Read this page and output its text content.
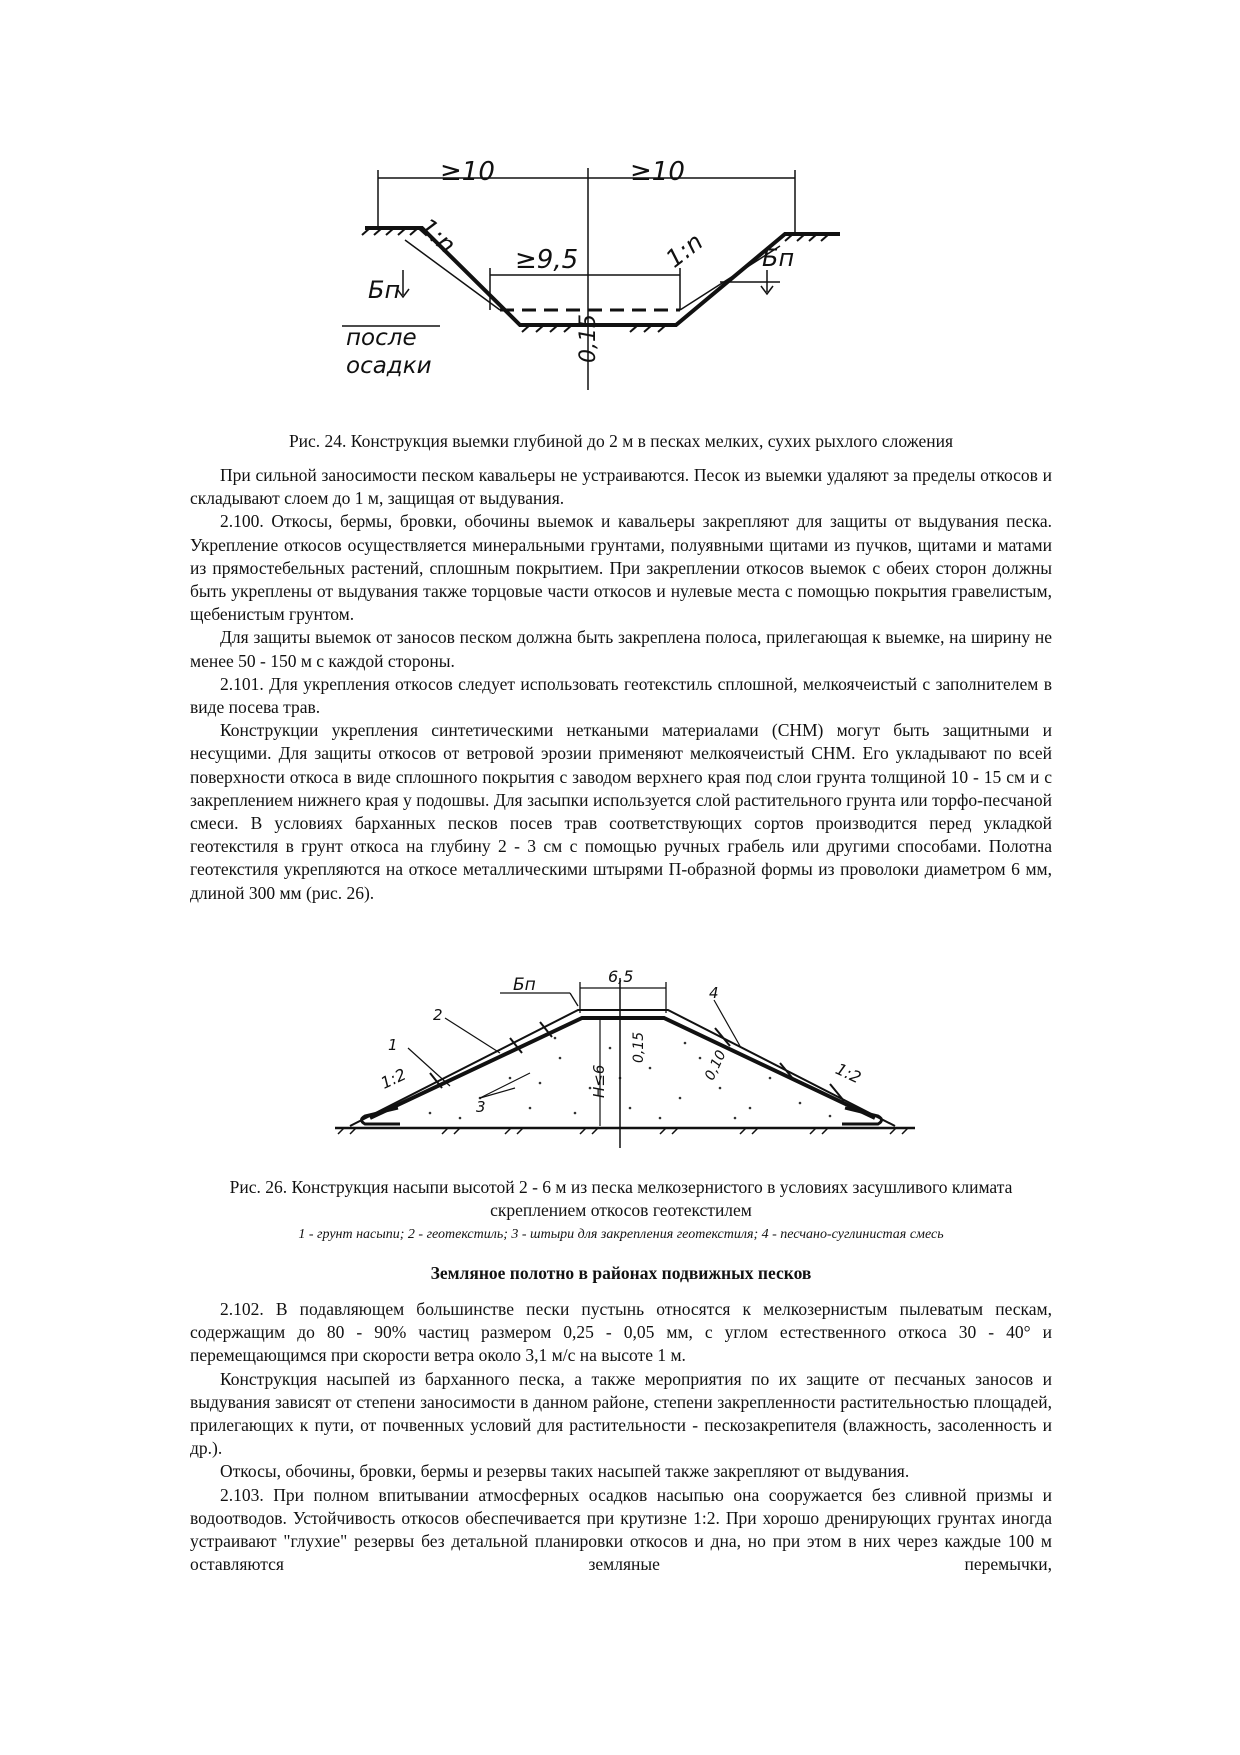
≥10	≥10
≥9,5
1:n	1:n
Бп
Бп
после
осадки
0,15
Рис. 24. Конструкция выемки глубиной до 2 м в песках мелких, сухих рыхлого сложения

При сильной заносимости песком кавальеры не устраиваются. Песок из выемки удаляют за пределы откосов и складывают слоем до 1 м, защищая от выдувания.

2.100. Откосы, бермы, бровки, обочины выемок и кавальеры закрепляют для защиты от выдувания песка. Укрепление откосов осуществляется минеральными грунтами, полуявными щитами из пучков, щитами и матами из прямостебельных растений, сплошным покрытием. При закреплении откосов выемок с обеих сторон должны быть укреплены от выдувания также торцовые части откосов и нулевые места с помощью покрытия гравелистым, щебенистым грунтом.

Для защиты выемок от заносов песком должна быть закреплена полоса, прилегающая к выемке, на ширину не менее 50 - 150 м с каждой стороны.

2.101. Для укрепления откосов следует использовать геотекстиль сплошной, мелкоячеистый с заполнителем в виде посева трав.

Конструкции укрепления синтетическими неткаными материалами (СНМ) могут быть защитными и несущими. Для защиты откосов от ветровой эрозии применяют мелкоячеистый СНМ. Его укладывают по всей поверхности откоса в виде сплошного покрытия с заводом верхнего края под слои грунта толщиной 10 - 15 см и с закреплением нижнего края у подошвы. Для засыпки используется слой растительного грунта или торфо-песчаной смеси. В условиях барханных песков посев трав соответствующих сортов производится перед укладкой геотекстиля в грунт откоса на глубину 2 - 3 см с помощью ручных грабель или другими способами. Полотна геотекстиля укрепляются на откосе металлическими штырями П-образной формы из проволоки диаметром 6 мм, длиной 300 мм (рис. 26).

Бп	6,5
1
2
3
4
1:2	1:2
0,15
0,10
H≤6
Рис. 26. Конструкция насыпи высотой 2 - 6 м из песка мелкозернистого в условиях засушливого климата скреплением откосов геотекстилем
1 - грунт насыпи; 2 - геотекстиль; 3 - штыри для закрепления геотекстиля; 4 - песчано-суглинистая смесь
Земляное полотно в районах подвижных песков

2.102. В подавляющем большинстве пески пустынь относятся к мелкозернистым пылеватым пескам, содержащим до 80 - 90% частиц размером 0,25 - 0,05 мм, с углом естественного откоса 30 - 40° и перемещающимся при скорости ветра около 3,1 м/с на высоте 1 м.

Конструкция насыпей из барханного песка, а также мероприятия по их защите от песчаных заносов и выдувания зависят от степени заносимости в данном районе, степени закрепленности растительностью площадей, прилегающих к пути, от почвенных условий для растительности - пескозакрепителя (влажность, засоленность и др.).

Откосы, обочины, бровки, бермы и резервы таких насыпей также закрепляют от выдувания.

2.103. При полном впитывании атмосферных осадков насыпью она сооружается без сливной призмы и водоотводов. Устойчивость откосов обеспечивается при крутизне 1:2. При хорошо дренирующих грунтах иногда устраивают "глухие" резервы без детальной планировки откосов и дна, но при этом в них через каждые 100 м оставляются земляные перемычки,
